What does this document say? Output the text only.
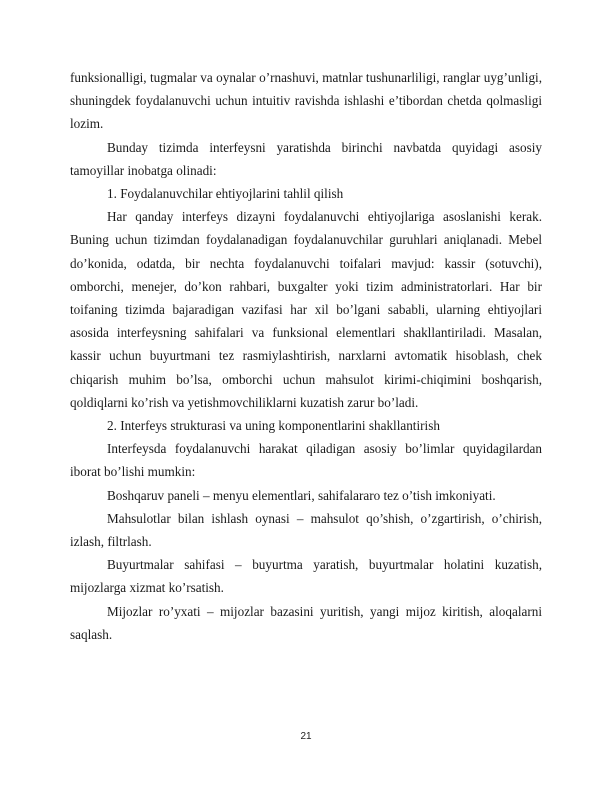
funksionalligi, tugmalar va oynalar o’rnashuvi, matnlar tushunarliligi, ranglar uyg’unligi, shuningdek foydalanuvchi uchun intuitiv ravishda ishlashi e’tibordan chetda qolmasligi lozim.

Bunday tizimda interfeysni yaratishda birinchi navbatda quyidagi asosiy tamoyillar inobatga olinadi:

1. Foydalanuvchilar ehtiyojlarini tahlil qilish

Har qanday interfeys dizayni foydalanuvchi ehtiyojlariga asoslanishi kerak. Buning uchun tizimdan foydalanadigan foydalanuvchilar guruhlari aniqlanadi. Mebel do’konida, odatda, bir nechta foydalanuvchi toifalari mavjud: kassir (sotuvchi), omborchi, menejer, do’kon rahbari, buxgalter yoki tizim administratorlari. Har bir toifaning tizimda bajaradigan vazifasi har xil bo’lgani sababli, ularning ehtiyojlari asosida interfeysning sahifalari va funksional elementlari shakllantiriladi. Masalan, kassir uchun buyurtmani tez rasmiylashtirish, narxlarni avtomatik hisoblash, chek chiqarish muhim bo’lsa, omborchi uchun mahsulot kirimi-chiqimini boshqarish, qoldiqlarni ko’rish va yetishmovchiliklarni kuzatish zarur bo’ladi.

2. Interfeys strukturasi va uning komponentlarini shakllantirish

Interfeysda foydalanuvchi harakat qiladigan asosiy bo’limlar quyidagilardan iborat bo’lishi mumkin:

Boshqaruv paneli – menyu elementlari, sahifalararo tez o’tish imkoniyati.

Mahsulotlar bilan ishlash oynasi – mahsulot qo’shish, o’zgartirish, o’chirish, izlash, filtrlash.

Buyurtmalar sahifasi – buyurtma yaratish, buyurtmalar holatini kuzatish, mijozlarga xizmat ko’rsatish.

Mijozlar ro’yxati – mijozlar bazasini yuritish, yangi mijoz kiritish, aloqalarni saqlash.

21
